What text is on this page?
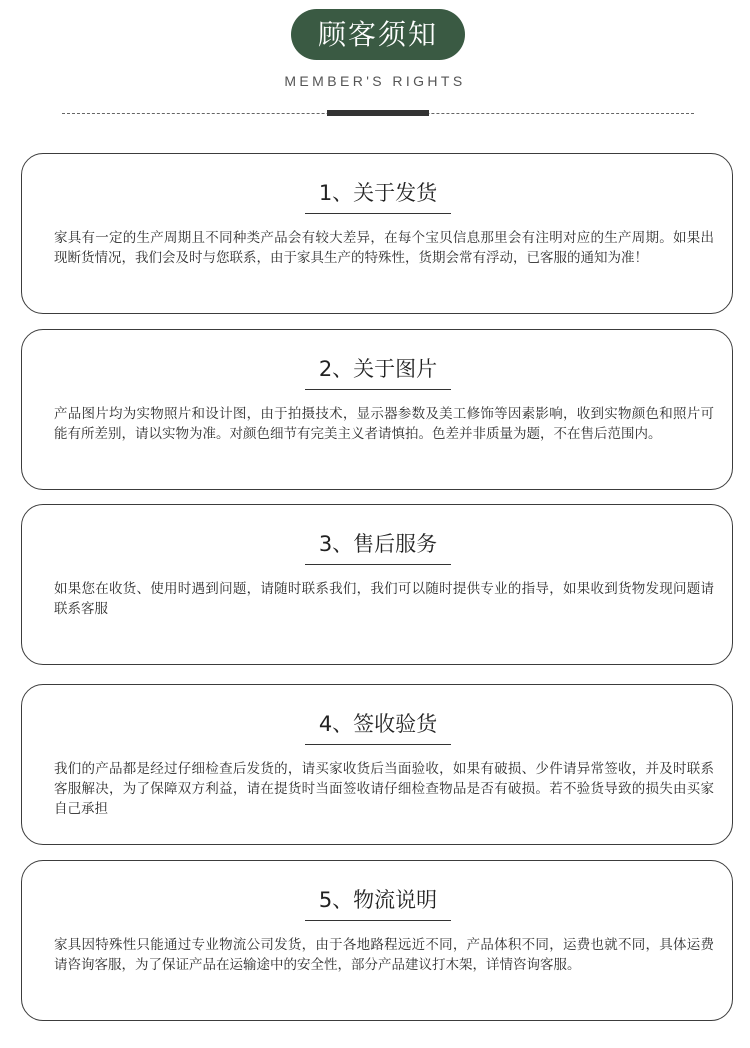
顾客须知
MEMBER'S RIGHTS
1、关于发货
家具有一定的生产周期且不同种类产品会有较大差异，在每个宝贝信息那里会有注明对应的生产周期。如果出现断货情况，我们会及时与您联系，由于家具生产的特殊性，货期会常有浮动，已客服的通知为准！
2、关于图片
产品图片均为实物照片和设计图，由于拍摄技术，显示器参数及美工修饰等因素影响，收到实物颜色和照片可能有所差别，请以实物为准。对颜色细节有完美主义者请慎拍。色差并非质量为题，不在售后范围内。
3、售后服务
如果您在收货、使用时遇到问题，请随时联系我们，我们可以随时提供专业的指导，如果收到货物发现问题请联系客服
4、签收验货
我们的产品都是经过仔细检查后发货的，请买家收货后当面验收，如果有破损、少件请异常签收，并及时联系客服解决，为了保障双方利益，请在提货时当面签收请仔细检查物品是否有破损。若不验货导致的损失由买家自己承担
5、物流说明
家具因特殊性只能通过专业物流公司发货，由于各地路程远近不同，产品体积不同，运费也就不同，具体运费请咨询客服，为了保证产品在运输途中的安全性，部分产品建议打木架，详情咨询客服。
